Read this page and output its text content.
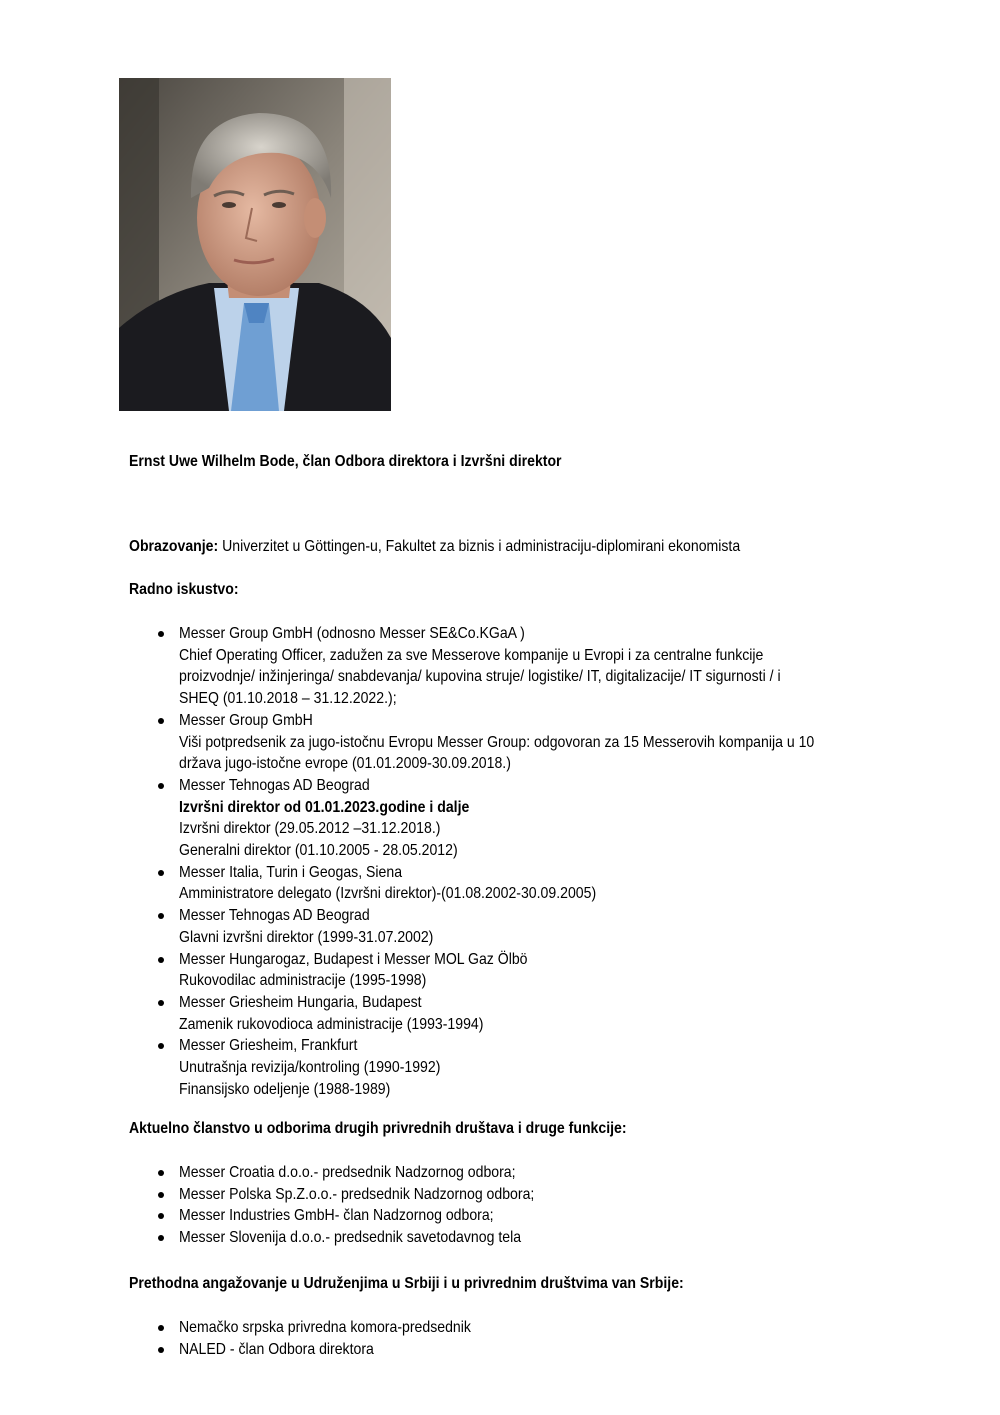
Ernst Uwe Wilhelm Bode, član Odbora direktora i Izvršni direktor
Obrazovanje: Univerzitet u Göttingen-u, Fakultet za biznis i administraciju-diplomirani ekonomista
Radno iskustvo:
Messer Group GmbH (odnosno Messer SE&Co.KGaA )
Chief Operating Officer, zadužen za sve Messerove kompanije u Evropi i za centralne funkcije
proizvodnje/ inžinjeringa/ snabdevanja/ kupovina struje/ logistike/ IT, digitalizacije/ IT sigurnosti / i
SHEQ (01.10.2018 – 31.12.2022.);
Messer Group GmbH
Viši potpredsenik za jugo-istočnu Evropu Messer Group: odgovoran za 15 Messerovih kompanija u 10
država jugo-istočne evrope (01.01.2009-30.09.2018.)
Messer Tehnogas AD Beograd
Izvršni direktor od 01.01.2023.godine i dalje
Izvršni direktor (29.05.2012 –31.12.2018.)
Generalni direktor (01.10.2005 - 28.05.2012)
Messer Italia, Turin i Geogas, Siena
Amministratore delegato (Izvršni direktor)-(01.08.2002-30.09.2005)
Messer Tehnogas AD Beograd
Glavni izvršni direktor (1999-31.07.2002)
Messer Hungarogaz, Budapest i Messer MOL Gaz Ölbö
Rukovodilac administracije (1995-1998)
Messer Griesheim Hungaria, Budapest
Zamenik rukovodioca administracije (1993-1994)
Messer Griesheim, Frankfurt
Unutrašnja revizija/kontroling (1990-1992)
Finansijsko odeljenje (1988-1989)
Aktuelno članstvo u odborima drugih privrednih društava i druge funkcije:
Messer Croatia d.o.o.- predsednik Nadzornog odbora;
Messer Polska Sp.Z.o.o.- predsednik Nadzornog odbora;
Messer Industries GmbH- član Nadzornog odbora;
Messer Slovenija d.o.o.- predsednik savetodavnog tela
Prethodna angažovanje u Udruženjima u Srbiji i u privrednim društvima van Srbije:
Nemačko srpska privredna komora-predsednik
NALED - član Odbora direktora
